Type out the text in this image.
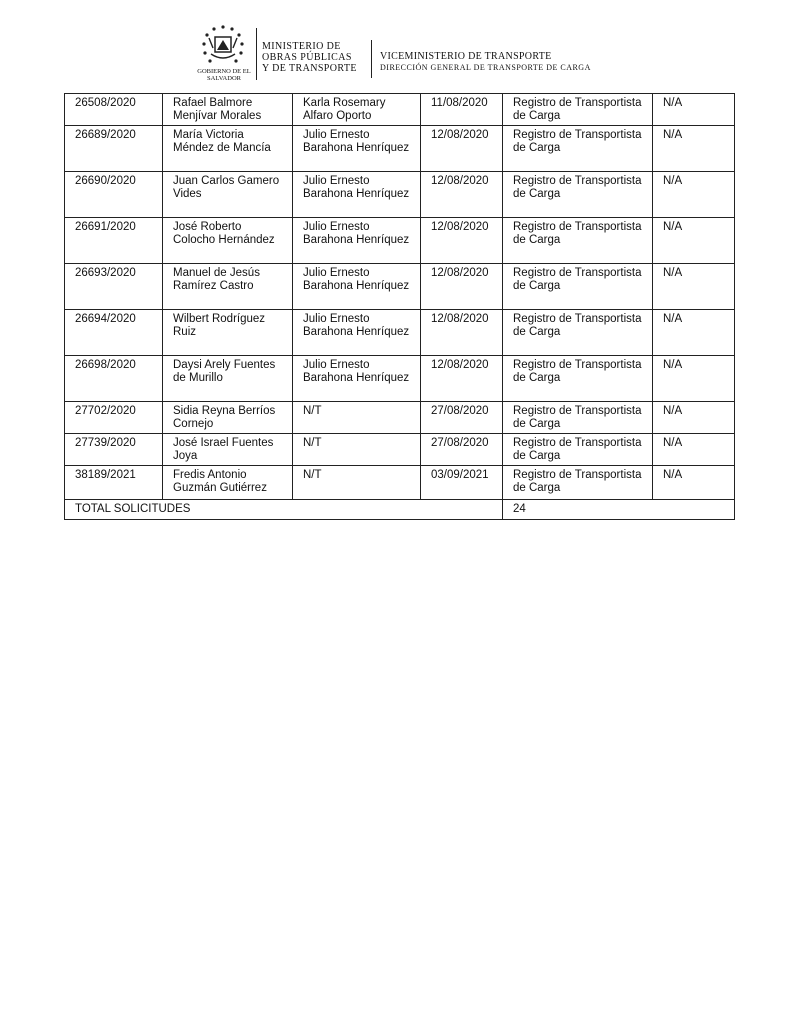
GOBIERNO DE EL SALVADOR
MINISTERIO DE
OBRAS PÚBLICAS
Y DE TRANSPORTE
VICEMINISTERIO DE TRANSPORTE
DIRECCIÓN GENERAL DE TRANSPORTE DE CARGA
26508/2020	Rafael Balmore Menjívar Morales	Karla Rosemary Alfaro Oporto	11/08/2020	Registro de Transportista de Carga	N/A
26689/2020	María Victoria Méndez de Mancía	Julio Ernesto Barahona Henríquez	12/08/2020	Registro de Transportista de Carga	N/A
26690/2020	Juan Carlos Gamero Vides	Julio Ernesto Barahona Henríquez	12/08/2020	Registro de Transportista de Carga	N/A
26691/2020	José Roberto Colocho Hernández	Julio Ernesto Barahona Henríquez	12/08/2020	Registro de Transportista de Carga	N/A
26693/2020	Manuel de Jesús Ramírez Castro	Julio Ernesto Barahona Henríquez	12/08/2020	Registro de Transportista de Carga	N/A
26694/2020	Wilbert Rodríguez Ruiz	Julio Ernesto Barahona Henríquez	12/08/2020	Registro de Transportista de Carga	N/A
26698/2020	Daysi Arely Fuentes de Murillo	Julio Ernesto Barahona Henríquez	12/08/2020	Registro de Transportista de Carga	N/A
27702/2020	Sidia Reyna Berríos Cornejo	N/T	27/08/2020	Registro de Transportista de Carga	N/A
27739/2020	José Israel Fuentes Joya	N/T	27/08/2020	Registro de Transportista de Carga	N/A
38189/2021	Fredis Antonio Guzmán Gutiérrez	N/T	03/09/2021	Registro de Transportista de Carga	N/A
TOTAL SOLICITUDES				24	
